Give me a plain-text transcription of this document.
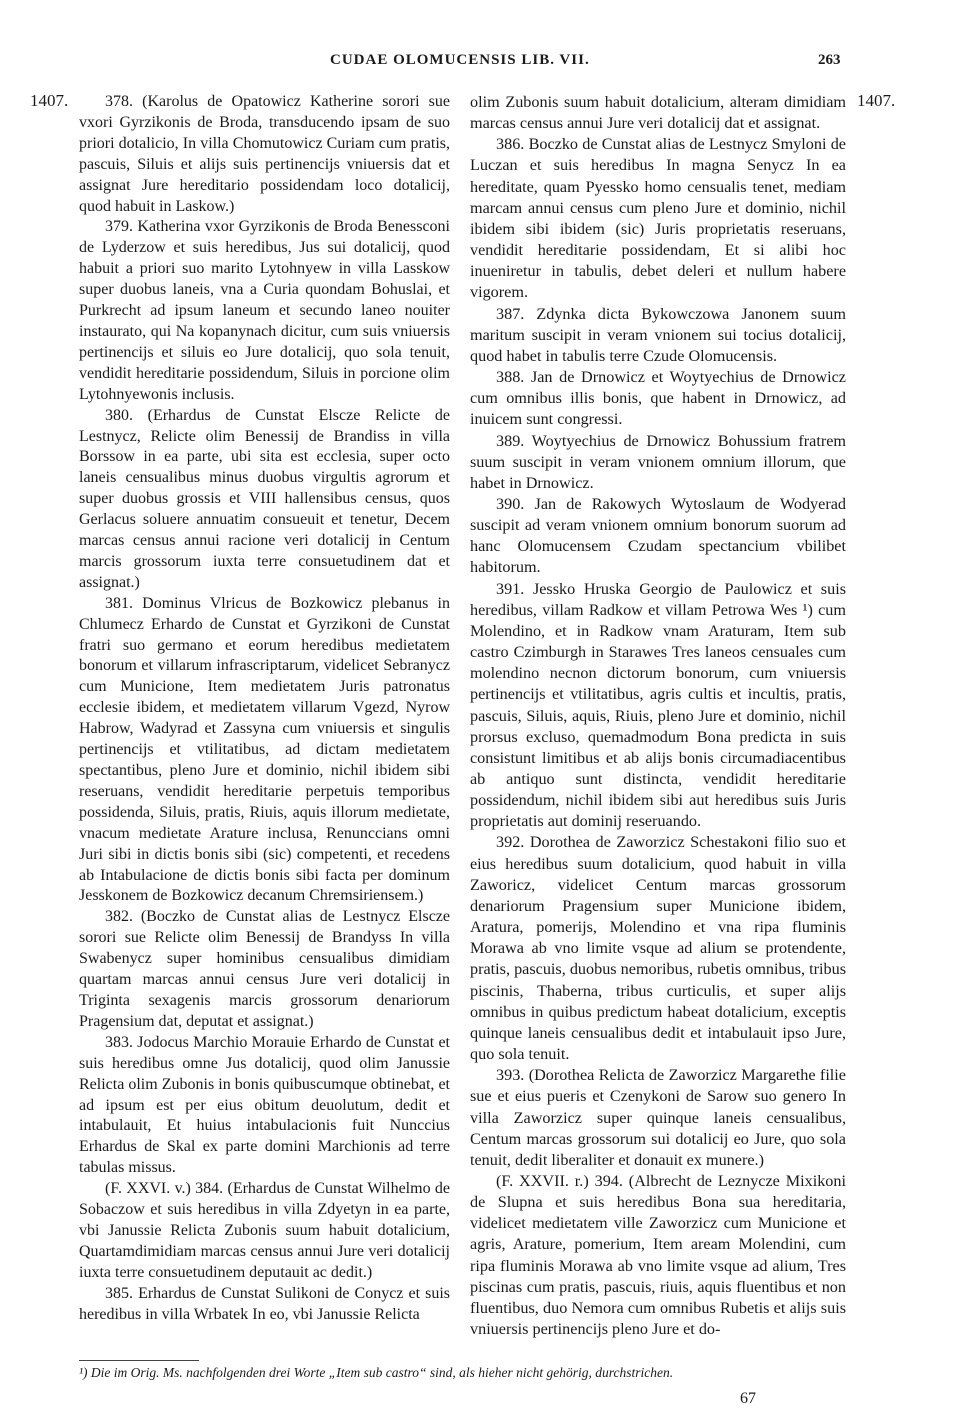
CUDAE OLOMUCENSIS LIB. VII.	263
1407.	1407.

378. (Karolus de Opatowicz Katherine sorori sue vxori Gyrzikonis de Broda, transducendo ipsam de suo priori dotalicio, In villa Chomutowicz Curiam cum pratis, pascuis, Siluis et alijs suis pertinencijs vniuersis dat et assignat Jure hereditario possidendam loco dotalicij, quod habuit in Laskow.)

379. Katherina vxor Gyrzikonis de Broda Benessconi de Lyderzow et suis heredibus, Jus sui dotalicij, quod habuit a priori suo marito Lytohnyew in villa Lasskow super duobus laneis, vna a Curia quondam Bohuslai, et Purkrecht ad ipsum laneum et secundo laneo nouiter instaurato, qui Na kopanynach dicitur, cum suis vniuersis pertinencijs et siluis eo Jure dotalicij, quo sola tenuit, vendidit hereditarie possidendum, Siluis in porcione olim Lytohnyewonis inclusis.

380. (Erhardus de Cunstat Elscze Relicte de Lestnycz, Relicte olim Benessij de Brandiss in villa Borssow in ea parte, ubi sita est ecclesia, super octo laneis censualibus minus duobus virgultis agrorum et super duobus grossis et VIII hallensibus census, quos Gerlacus soluere annuatim consueuit et tenetur, Decem marcas census annui racione veri dotalicij in Centum marcis grossorum iuxta terre consuetudinem dat et assignat.)

381. Dominus Vlricus de Bozkowicz plebanus in Chlumecz Erhardo de Cunstat et Gyrzikoni de Cunstat fratri suo germano et eorum heredibus medietatem bonorum et villarum infrascriptarum, videlicet Sebranycz cum Municione, Item medietatem Juris patronatus ecclesie ibidem, et medietatem villarum Vgezd, Nyrow Habrow, Wadyrad et Zassyna cum vniuersis et singulis pertinencijs et vtilitatibus, ad dictam medietatem spectantibus, pleno Jure et dominio, nichil ibidem sibi reseruans, vendidit hereditarie perpetuis temporibus possidenda, Siluis, pratis, Riuis, aquis illorum medietate, vnacum medietate Arature inclusa, Renunccians omni Juri sibi in dictis bonis sibi (sic) competenti, et recedens ab Intabulacione de dictis bonis sibi facta per dominum Jesskonem de Bozkowicz decanum Chremsiriensem.)

382. (Boczko de Cunstat alias de Lestnycz Elscze sorori sue Relicte olim Benessij de Brandyss In villa Swabenycz super hominibus censualibus dimidiam quartam marcas annui census Jure veri dotalicij in Triginta sexagenis marcis grossorum denariorum Pragensium dat, deputat et assignat.)

383. Jodocus Marchio Morauie Erhardo de Cunstat et suis heredibus omne Jus dotalicij, quod olim Janussie Relicta olim Zubonis in bonis quibuscumque obtinebat, et ad ipsum est per eius obitum deuolutum, dedit et intabulauit, Et huius intabulacionis fuit Nunccius Erhardus de Skal ex parte domini Marchionis ad terre tabulas missus.

(F. XXVI. v.) 384. (Erhardus de Cunstat Wilhelmo de Sobaczow et suis heredibus in villa Zdyetyn in ea parte, vbi Janussie Relicta Zubonis suum habuit dotalicium, Quartamdimidiam marcas census annui Jure veri dotalicij iuxta terre consuetudinem deputauit ac dedit.)

385. Erhardus de Cunstat Sulikoni de Conycz et suis heredibus in villa Wrbatek In eo, vbi Janussie Relicta

olim Zubonis suum habuit dotalicium, alteram dimidiam marcas census annui Jure veri dotalicij dat et assignat.

386. Boczko de Cunstat alias de Lestnycz Smyloni de Luczan et suis heredibus In magna Senycz In ea hereditate, quam Pyessko homo censualis tenet, mediam marcam annui census cum pleno Jure et dominio, nichil ibidem sibi ibidem (sic) Juris proprietatis reseruans, vendidit hereditarie possidendam, Et si alibi hoc inueniretur in tabulis, debet deleri et nullum habere vigorem.

387. Zdynka dicta Bykowczowa Janonem suum maritum suscipit in veram vnionem sui tocius dotalicij, quod habet in tabulis terre Czude Olomucensis.

388. Jan de Drnowicz et Woytyechius de Drnowicz cum omnibus illis bonis, que habent in Drnowicz, ad inuicem sunt congressi.

389. Woytyechius de Drnowicz Bohussium fratrem suum suscipit in veram vnionem omnium illorum, que habet in Drnowicz.

390. Jan de Rakowych Wytoslaum de Wodyerad suscipit ad veram vnionem omnium bonorum suorum ad hanc Olomucensem Czudam spectancium vbilibet habitorum.

391. Jessko Hruska Georgio de Paulowicz et suis heredibus, villam Radkow et villam Petrowa Wes ¹) cum Molendino, et in Radkow vnam Araturam, Item sub castro Czimburgh in Starawes Tres laneos censuales cum molendino necnon dictorum bonorum, cum vniuersis pertinencijs et vtilitatibus, agris cultis et incultis, pratis, pascuis, Siluis, aquis, Riuis, pleno Jure et dominio, nichil prorsus excluso, quemadmodum Bona predicta in suis consistunt limitibus et ab alijs bonis circumadiacentibus ab antiquo sunt distincta, vendidit hereditarie possidendum, nichil ibidem sibi aut heredibus suis Juris proprietatis aut dominij reseruando.

392. Dorothea de Zaworzicz Schestakoni filio suo et eius heredibus suum dotalicium, quod habuit in villa Zaworicz, videlicet Centum marcas grossorum denariorum Pragensium super Municione ibidem, Aratura, pomerijs, Molendino et vna ripa fluminis Morawa ab vno limite vsque ad alium se protendente, pratis, pascuis, duobus nemoribus, rubetis omnibus, tribus piscinis, Thaberna, tribus curticulis, et super alijs omnibus in quibus predictum habeat dotalicium, exceptis quinque laneis censualibus dedit et intabulauit ipso Jure, quo sola tenuit.

393. (Dorothea Relicta de Zaworzicz Margarethe filie sue et eius pueris et Czenykoni de Sarow suo genero In villa Zaworzicz super quinque laneis censualibus, Centum marcas grossorum sui dotalicij eo Jure, quo sola tenuit, dedit liberaliter et donauit ex munere.)

(F. XXVII. r.) 394. (Albrecht de Leznycze Mixikoni de Slupna et suis heredibus Bona sua hereditaria, videlicet medietatem ville Zaworzicz cum Municione et agris, Arature, pomerium, Item aream Molendini, cum ripa fluminis Morawa ab vno limite vsque ad alium, Tres piscinas cum pratis, pascuis, riuis, aquis fluentibus et non fluentibus, duo Nemora cum omnibus Rubetis et alijs suis vniuersis pertinencijs pleno Jure et do-

¹) Die im Orig. Ms. nachfolgenden drei Worte „Item sub castro“ sind, als hieher nicht gehörig, durchstrichen.
67
